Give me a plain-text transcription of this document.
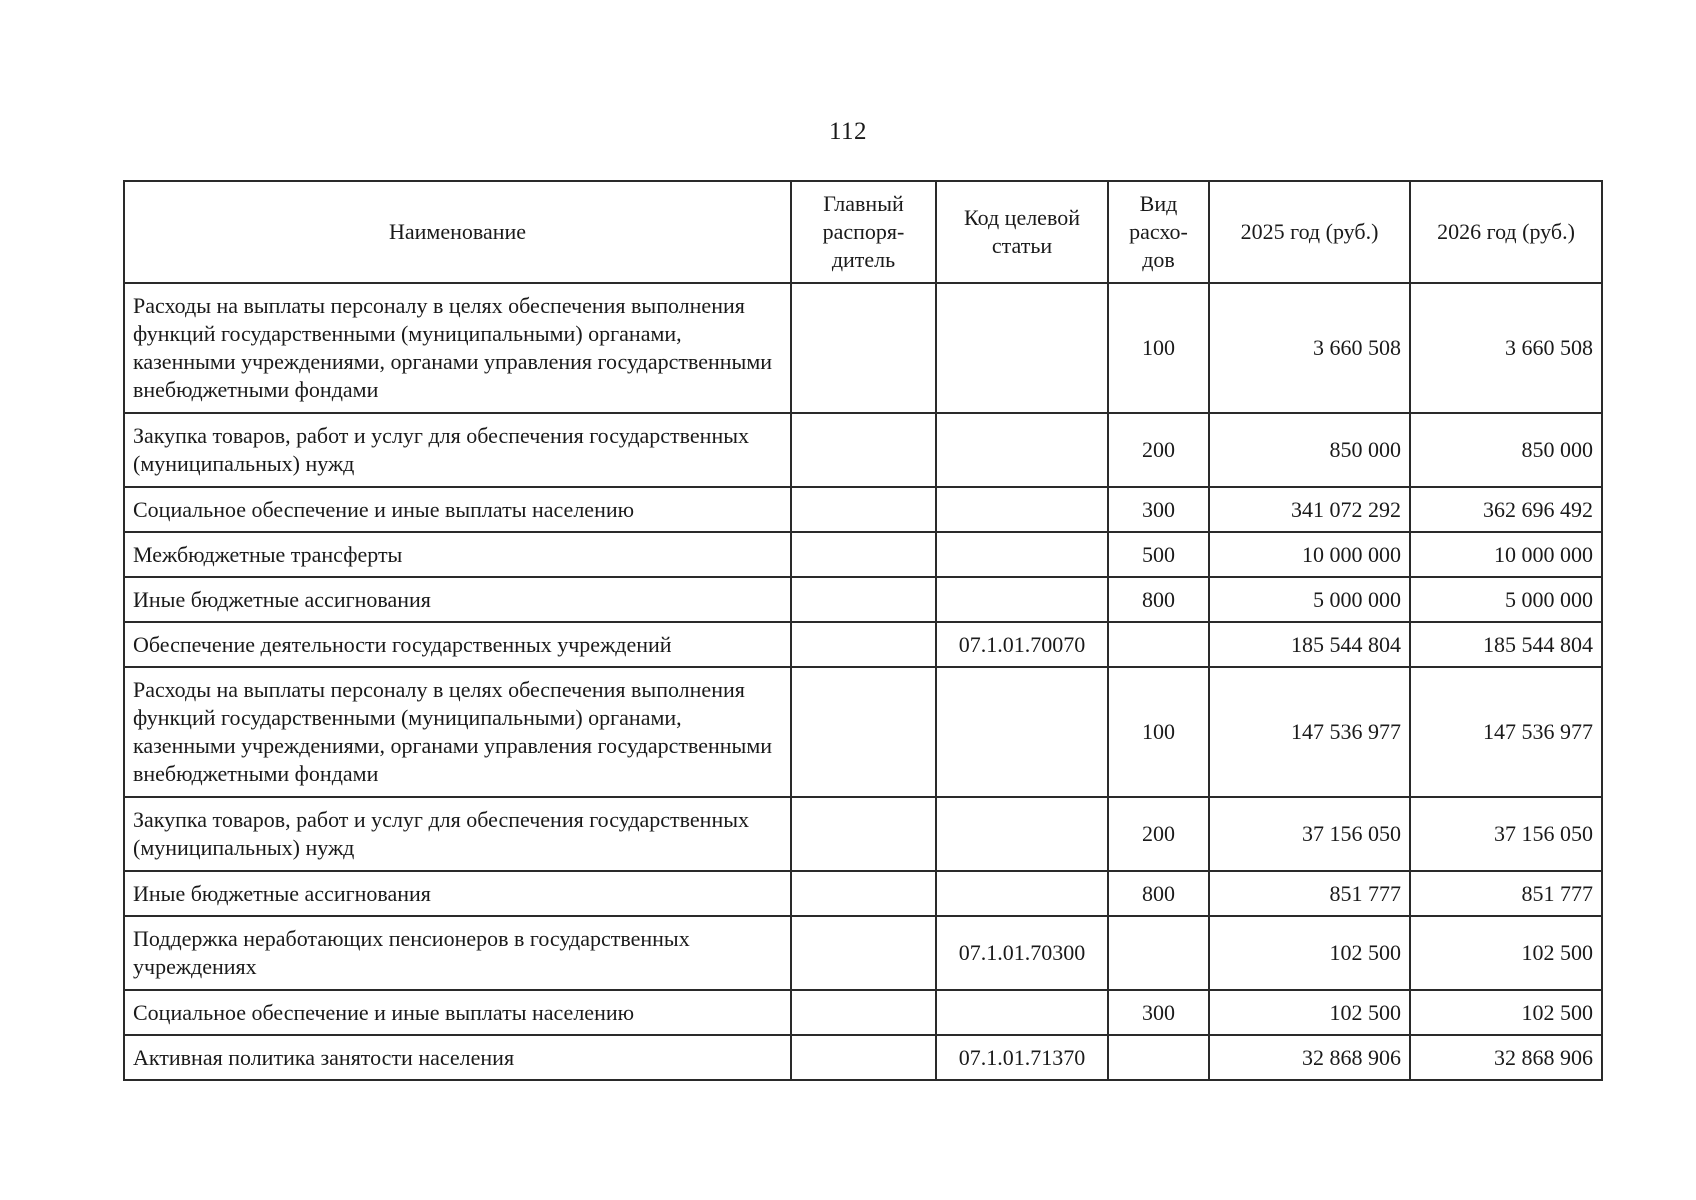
112
Наименование	Главный распоря-дитель	Код целевой статьи	Вид расхо-дов	2025 год (руб.)	2026 год (руб.)
Расходы на выплаты персоналу в целях обеспечения выполнения функций государственными (муниципальными) органами, казенными учреждениями, органами управления государственными внебюджетными фондами			100	3 660 508	3 660 508
Закупка товаров, работ и услуг для обеспечения государственных (муниципальных) нужд			200	850 000	850 000
Социальное обеспечение и иные выплаты населению			300	341 072 292	362 696 492
Межбюджетные трансферты			500	10 000 000	10 000 000
Иные бюджетные ассигнования			800	5 000 000	5 000 000
Обеспечение деятельности государственных учреждений		07.1.01.70070		185 544 804	185 544 804
Расходы на выплаты персоналу в целях обеспечения выполнения функций государственными (муниципальными) органами, казенными учреждениями, органами управления государственными внебюджетными фондами			100	147 536 977	147 536 977
Закупка товаров, работ и услуг для обеспечения государственных (муниципальных) нужд			200	37 156 050	37 156 050
Иные бюджетные ассигнования			800	851 777	851 777
Поддержка неработающих пенсионеров в государственных учреждениях		07.1.01.70300		102 500	102 500
Социальное обеспечение и иные выплаты населению			300	102 500	102 500
Активная политика занятости населения		07.1.01.71370		32 868 906	32 868 906
